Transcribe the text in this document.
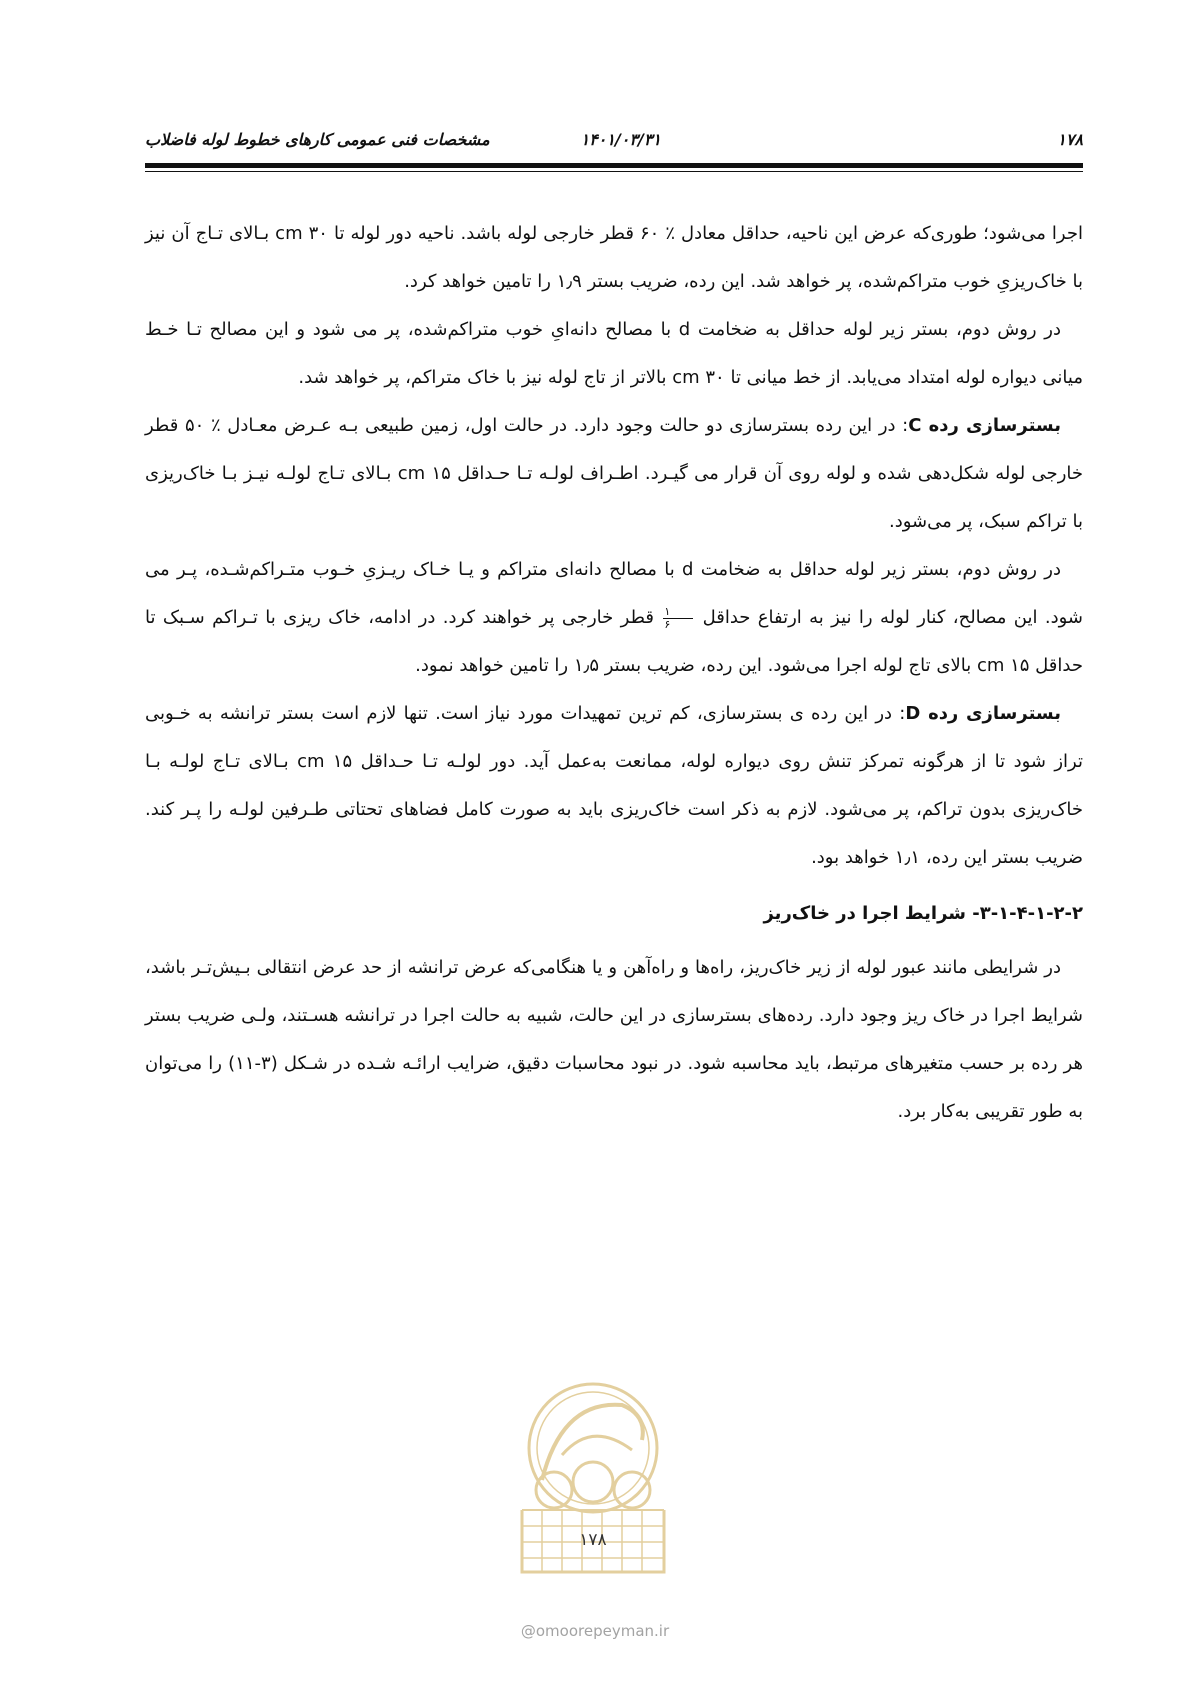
۱۷۸
۱۴۰۱/۰۳/۳۱
مشخصات فنی عمومی کارهای خطوط لوله فاضلاب

اجرا می‌شود؛ طوری‌که عرض این ناحیه، حداقل معادل ٪ ۶۰ قطر خارجی لوله باشد. ناحیه دور لوله تا cm ۳۰ بـالای تـاج آن نیز با خاک‌ریزیِ خوب متراکم‌شده، پر خواهد شد. این رده، ضریب بستر ۱٫۹ را تامین خواهد کرد.

در روش دوم، بستر زیر لوله حداقل به ضخامت d با مصالح دانه‌ایِ خوب متراکم‌شده، پر می شود و این مصالح تـا خـط میانی دیواره لوله امتداد می‌یابد. از خط میانی تا cm ۳۰ بالاتر از تاج لوله نیز با خاک متراکم، پر خواهد شد.

بسترسازی رده C: در این رده بسترسازی دو حالت وجود دارد. در حالت اول، زمین طبیعی بـه عـرض معـادل ٪ ۵۰ قطر خارجی لوله شکل‌دهی شده و لوله روی آن قرار می گیـرد. اطـراف لولـه تـا حـداقل cm ۱۵ بـالای تـاج لولـه نیـز بـا خاک‌ریزی با تراکم سبک، پر می‌شود.

در روش دوم، بستر زیر لوله حداقل به ضخامت d با مصالح دانه‌ای متراکم و یـا خـاک ریـزیِ خـوب متـراکم‌شـده، پـر می شود. این مصالح، کنار لوله را نیز به ارتفاع حداقل
$\frac{۱}{۶}$
قطر خارجی پر خواهند کرد. در ادامه، خاک ریزی با تـراکم سـبک تا حداقل cm ۱۵ بالای تاج لوله اجرا می‌شود. این رده، ضریب بستر ۱٫۵ را تامین خواهد نمود.

بسترسازی رده D: در این رده ی بسترسازی، کم ترین تمهیدات مورد نیاز است. تنها لازم است بستر ترانشه به خـوبی تراز شود تا از هرگونه تمرکز تنش روی دیواره لوله، ممانعت به‌عمل آید. دور لولـه تـا حـداقل cm ۱۵ بـالای تـاج لولـه بـا خاک‌ریزی بدون تراکم، پر می‌شود. لازم به ذکر است خاک‌ریزی باید به صورت کامل فضاهای تحتاتی طـرفین لولـه را پـر کند. ضریب بستر این رده، ۱٫۱ خواهد بود.

۳-۱-۴-۱-۲-۲- شرایط اجرا در خاک‌ریز

در شرایطی مانند عبور لوله از زیر خاک‌ریز، راه‌ها و راه‌آهن و یا هنگامی‌که عرض ترانشه از حد عرض انتقالی بـیش‌تـر باشد، شرایط اجرا در خاک ریز وجود دارد. رده‌های بسترسازی در این حالت، شبیه به حالت اجرا در ترانشه هسـتند، ولـی ضریب بستر هر رده بر حسب متغیرهای مرتبط، باید محاسبه شود. در نبود محاسبات دقیق، ضرایب ارائـه شـده در شـکل (۳-۱۱) را می‌توان به طور تقریبی به‌کار برد.

۱۷۸
@omoorepeyman.ir
